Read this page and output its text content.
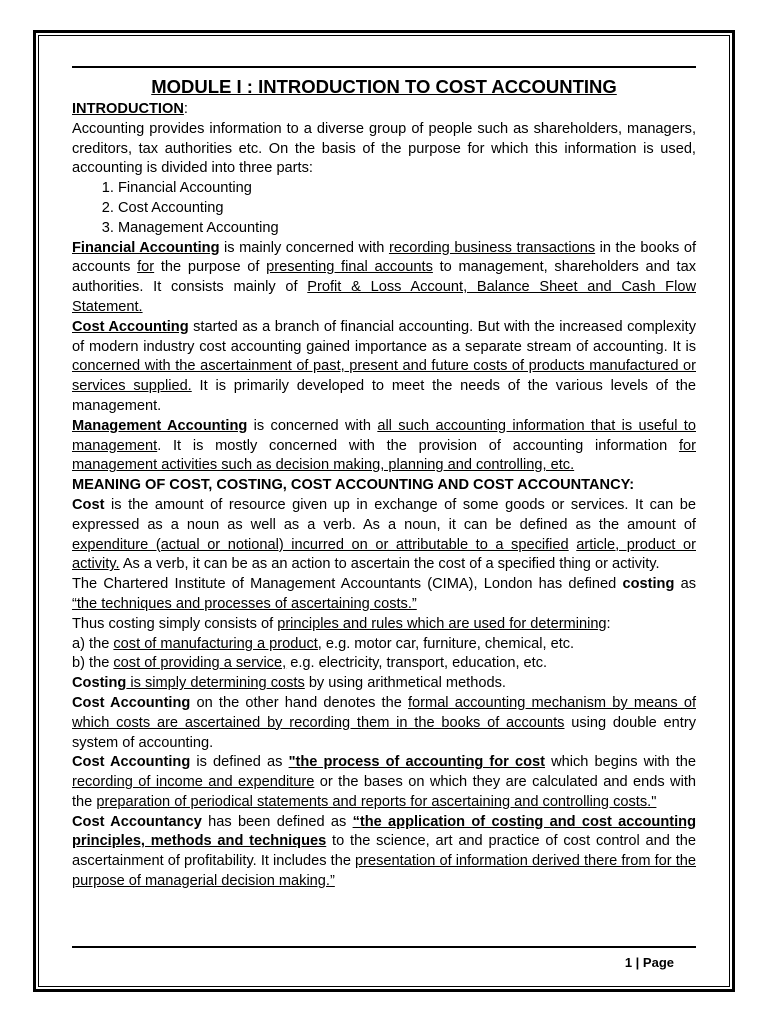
MODULE I : INTRODUCTION TO COST ACCOUNTING

INTRODUCTION:

Accounting provides information to a diverse group of people such as shareholders, managers, creditors, tax authorities etc. On the basis of the purpose for which this information is used, accounting is divided into three parts:

1. Financial Accounting
2. Cost Accounting
3. Management Accounting

Financial Accounting is mainly concerned with recording business transactions in the books of accounts for the purpose of presenting final accounts to management, shareholders and tax authorities. It consists mainly of Profit & Loss Account, Balance Sheet and Cash Flow Statement.

Cost Accounting started as a branch of financial accounting. But with the increased complexity of modern industry cost accounting gained importance as a separate stream of accounting. It is concerned with the ascertainment of past, present and future costs of products manufactured or services supplied. It is primarily developed to meet the needs of the various levels of the management.

Management Accounting is concerned with all such accounting information that is useful to management. It is mostly concerned with the provision of accounting information for management activities such as decision making, planning and controlling, etc.

MEANING OF COST, COSTING, COST ACCOUNTING AND COST ACCOUNTANCY:

Cost is the amount of resource given up in exchange of some goods or services. It can be expressed as a noun as well as a verb. As a noun, it can be defined as the amount of expenditure (actual or notional) incurred on or attributable to a specified article, product or activity. As a verb, it can be as an action to ascertain the cost of a specified thing or activity.

The Chartered Institute of Management Accountants (CIMA), London has defined costing as “the techniques and processes of ascertaining costs.”

Thus costing simply consists of principles and rules which are used for determining:

a) the cost of manufacturing a product, e.g. motor car, furniture, chemical, etc.

b) the cost of providing a service, e.g. electricity, transport, education, etc.

Costing is simply determining costs by using arithmetical methods.

Cost Accounting on the other hand denotes the formal accounting mechanism by means of which costs are ascertained by recording them in the books of accounts using double entry system of accounting.

Cost Accounting is defined as "the process of accounting for cost which begins with the recording of income and expenditure or the bases on which they are calculated and ends with the preparation of periodical statements and reports for ascertaining and controlling costs."

Cost Accountancy has been defined as “the application of costing and cost accounting principles, methods and techniques to the science, art and practice of cost control and the ascertainment of profitability. It includes the presentation of information derived there from for the purpose of managerial decision making.”

1 | Page
